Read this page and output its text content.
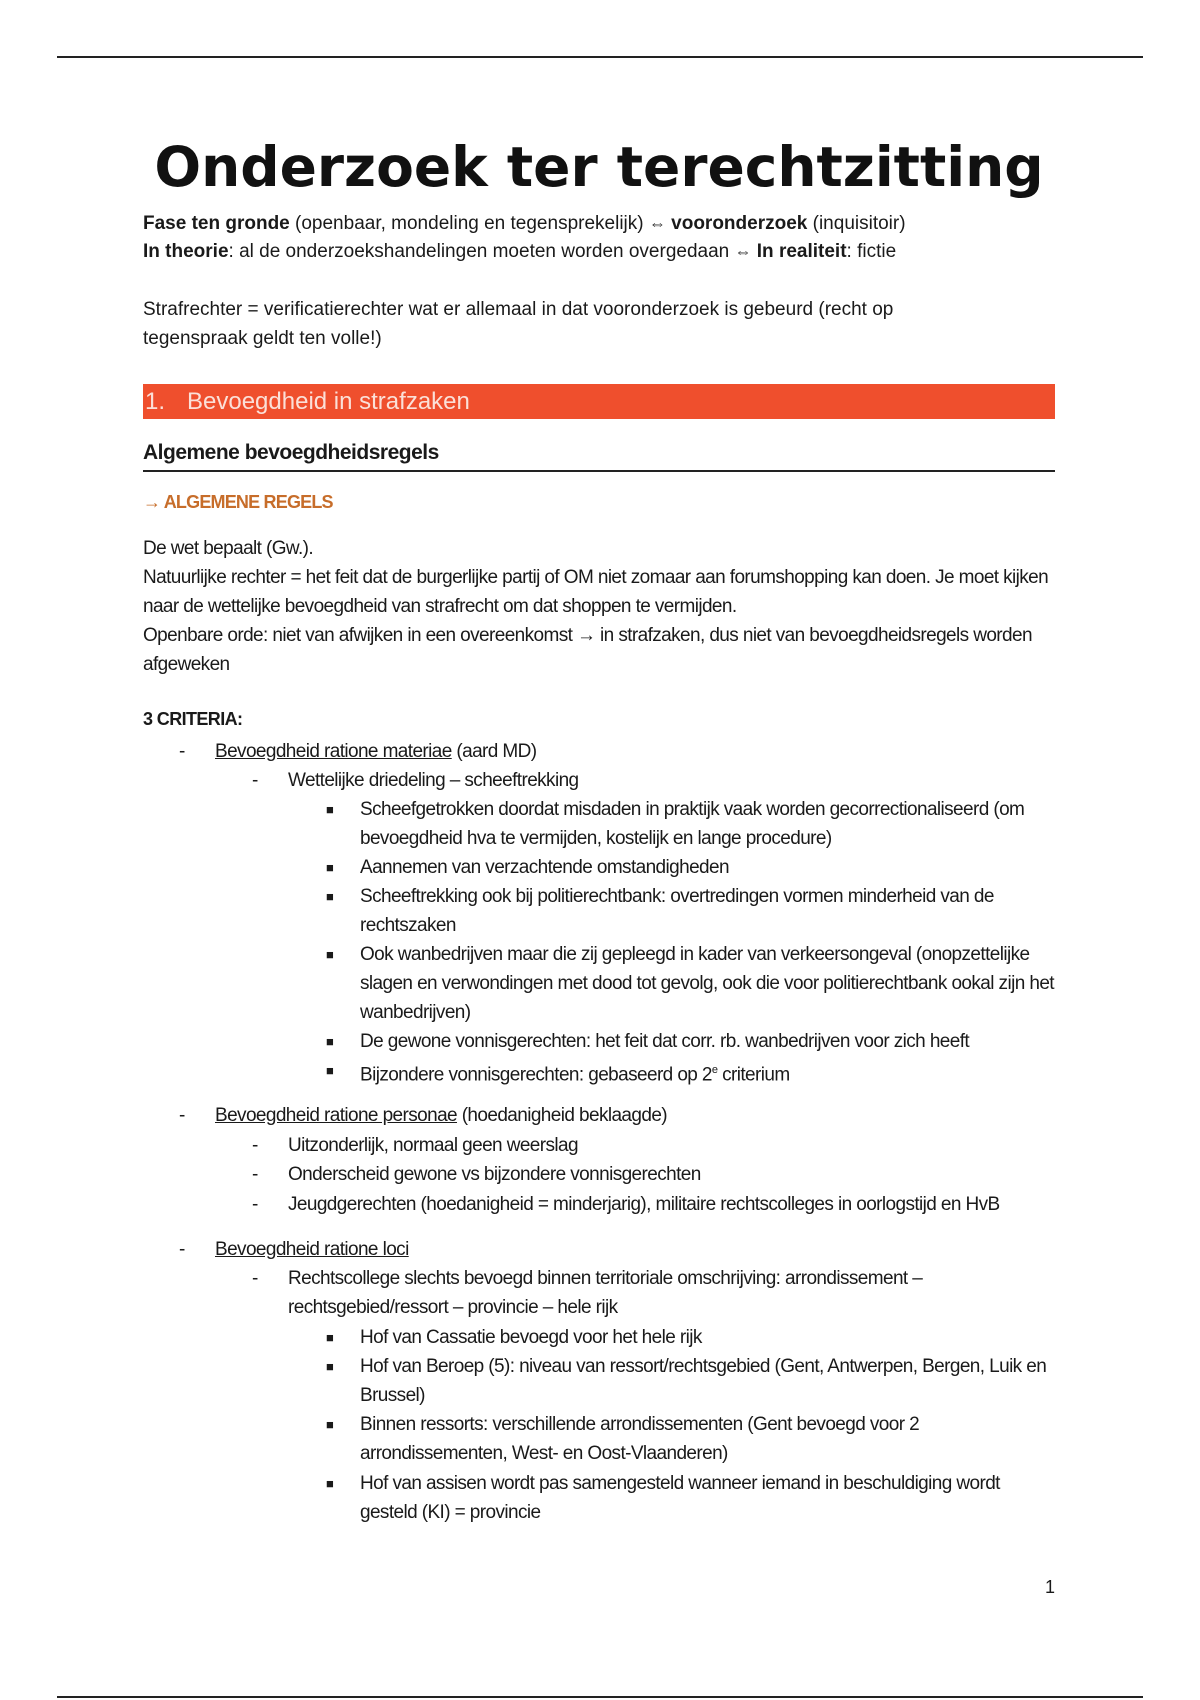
Onderzoek ter terechtzitting
Fase ten gronde (openbaar, mondeling en tegensprekelijk) ⇔ vooronderzoek (inquisitoir)
In theorie: al de onderzoekshandelingen moeten worden overgedaan ⇔ In realiteit: fictie
Strafrechter = verificatierechter wat er allemaal in dat vooronderzoek is gebeurd (recht op tegenspraak geldt ten volle!)
1. Bevoegdheid in strafzaken
Algemene bevoegdheidsregels
→ ALGEMENE REGELS
De wet bepaalt (Gw.).
Natuurlijke rechter = het feit dat de burgerlijke partij of OM niet zomaar aan forumshopping kan doen. Je moet kijken naar de wettelijke bevoegdheid van strafrecht om dat shoppen te vermijden.
Openbare orde: niet van afwijken in een overeenkomst → in strafzaken, dus niet van bevoegdheidsregels worden afgeweken
3 CRITERIA:
- Bevoegdheid ratione materiae (aard MD)
- Wettelijke driedeling – scheeftrekking
■ Scheefgetrokken doordat misdaden in praktijk vaak worden gecorrectionaliseerd (om bevoegdheid hva te vermijden, kostelijk en lange procedure)
■ Aannemen van verzachtende omstandigheden
■ Scheeftrekking ook bij politierechtbank: overtredingen vormen minderheid van de rechtszaken
■ Ook wanbedrijven maar die zij gepleegd in kader van verkeersongeval (onopzettelijke slagen en verwondingen met dood tot gevolg, ook die voor politierechtbank ookal zijn het wanbedrijven)
■ De gewone vonnisgerechten: het feit dat corr. rb. wanbedrijven voor zich heeft
■ Bijzondere vonnisgerechten: gebaseerd op 2e criterium
- Bevoegdheid ratione personae (hoedanigheid beklaagde)
- Uitzonderlijk, normaal geen weerslag
- Onderscheid gewone vs bijzondere vonnisgerechten
- Jeugdgerechten (hoedanigheid = minderjarig), militaire rechtscolleges in oorlogstijd en HvB
- Bevoegdheid ratione loci
- Rechtscollege slechts bevoegd binnen territoriale omschrijving: arrondissement – rechtsgebied/ressort – provincie – hele rijk
■ Hof van Cassatie bevoegd voor het hele rijk
■ Hof van Beroep (5): niveau van ressort/rechtsgebied (Gent, Antwerpen, Bergen, Luik en Brussel)
■ Binnen ressorts: verschillende arrondissementen (Gent bevoegd voor 2 arrondissementen, West- en Oost-Vlaanderen)
■ Hof van assisen wordt pas samengesteld wanneer iemand in beschuldiging wordt gesteld (KI) = provincie
1
